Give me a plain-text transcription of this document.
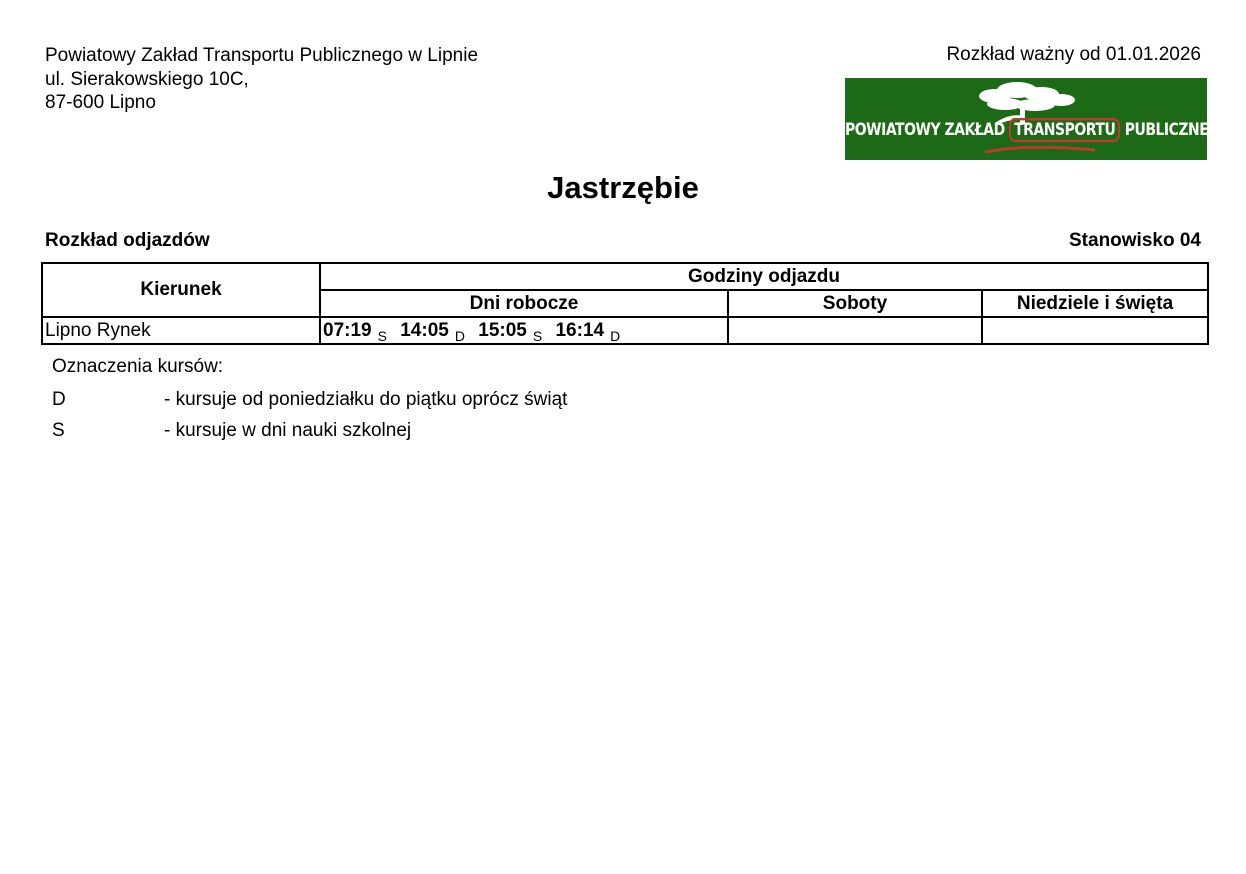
Powiatowy Zakład Transportu Publicznego w Lipnie
ul. Sierakowskiego 10C,
87-600 Lipno
Rozkład ważny od 01.01.2026
POWIATOWY ZAKŁAD TRANSPORTU PUBLICZNEGO
Jastrzębie
Rozkład odjazdów	Stanowisko 04
Kierunek	Godziny odjazdu		
	Dni robocze	Soboty	Niedziele i święta
Lipno Rynek	07:19 $_S$ 14:05 $_D$ 15:05 $_S$ 16:14 $_D$		
Oznaczenia kursów:
D	- kursuje od poniedziałku do piątku oprócz świąt
S	- kursuje w dni nauki szkolnej
